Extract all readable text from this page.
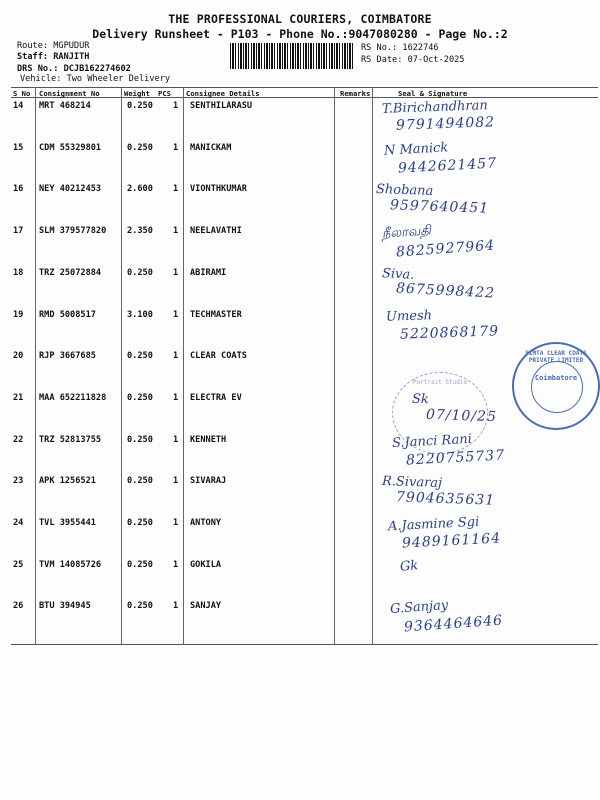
THE PROFESSIONAL COURIERS, COIMBATORE
Delivery Runsheet - P103 - Phone No.:9047080280 - Page No.:2
Route: MGPUDUR
Staff: RANJITH
DRS No.: DCJB162274602
Vehicle: Two Wheeler Delivery
RS No.: 1622746
RS Date: 07-Oct-2025
S No Consignment No	Weight PCS Consignee Details	Remarks	Seal & Signature
SIMTA CLEAR COATS PRIVATE LIMITED
Coimbatore
Portrait Studio
14 MRT 468214	0.250 1 SENTHILARASU	T.Birichandhran
9791494082
15 CDM 55329801	0.250 1 MANICKAM	N Manick
9442621457
16 NEY 40212453	2.600 1 VIONTHKUMAR	Shobana
9597640451
17 SLM 379577820 2.350 1 NEELAVATHI	நீலாவதி
8825927964
18 TRZ 25072884	0.250 1 ABIRAMI	Siva.
8675998422
19 RMD 5008517	3.100 1 TECHMASTER	Umesh
5220868179
20 RJP 3667685	0.250 1 CLEAR COATS
21 MAA 652211828 0.250 1 ELECTRA EV	Sk
07/10/25
22 TRZ 52813755	0.250 1 KENNETH	S.Janci Rani
8220755737
23 APK 1256521	0.250 1 SIVARAJ	R.Sivaraj
7904635631
24 TVL 3955441	0.250 1 ANTONY	A.Jasmine Sgi
9489161164
25 TVM 14085726	0.250 1 GOKILA	Gk
26 BTU 394945	0.250 1 SANJAY	G.Sanjay
9364464646
